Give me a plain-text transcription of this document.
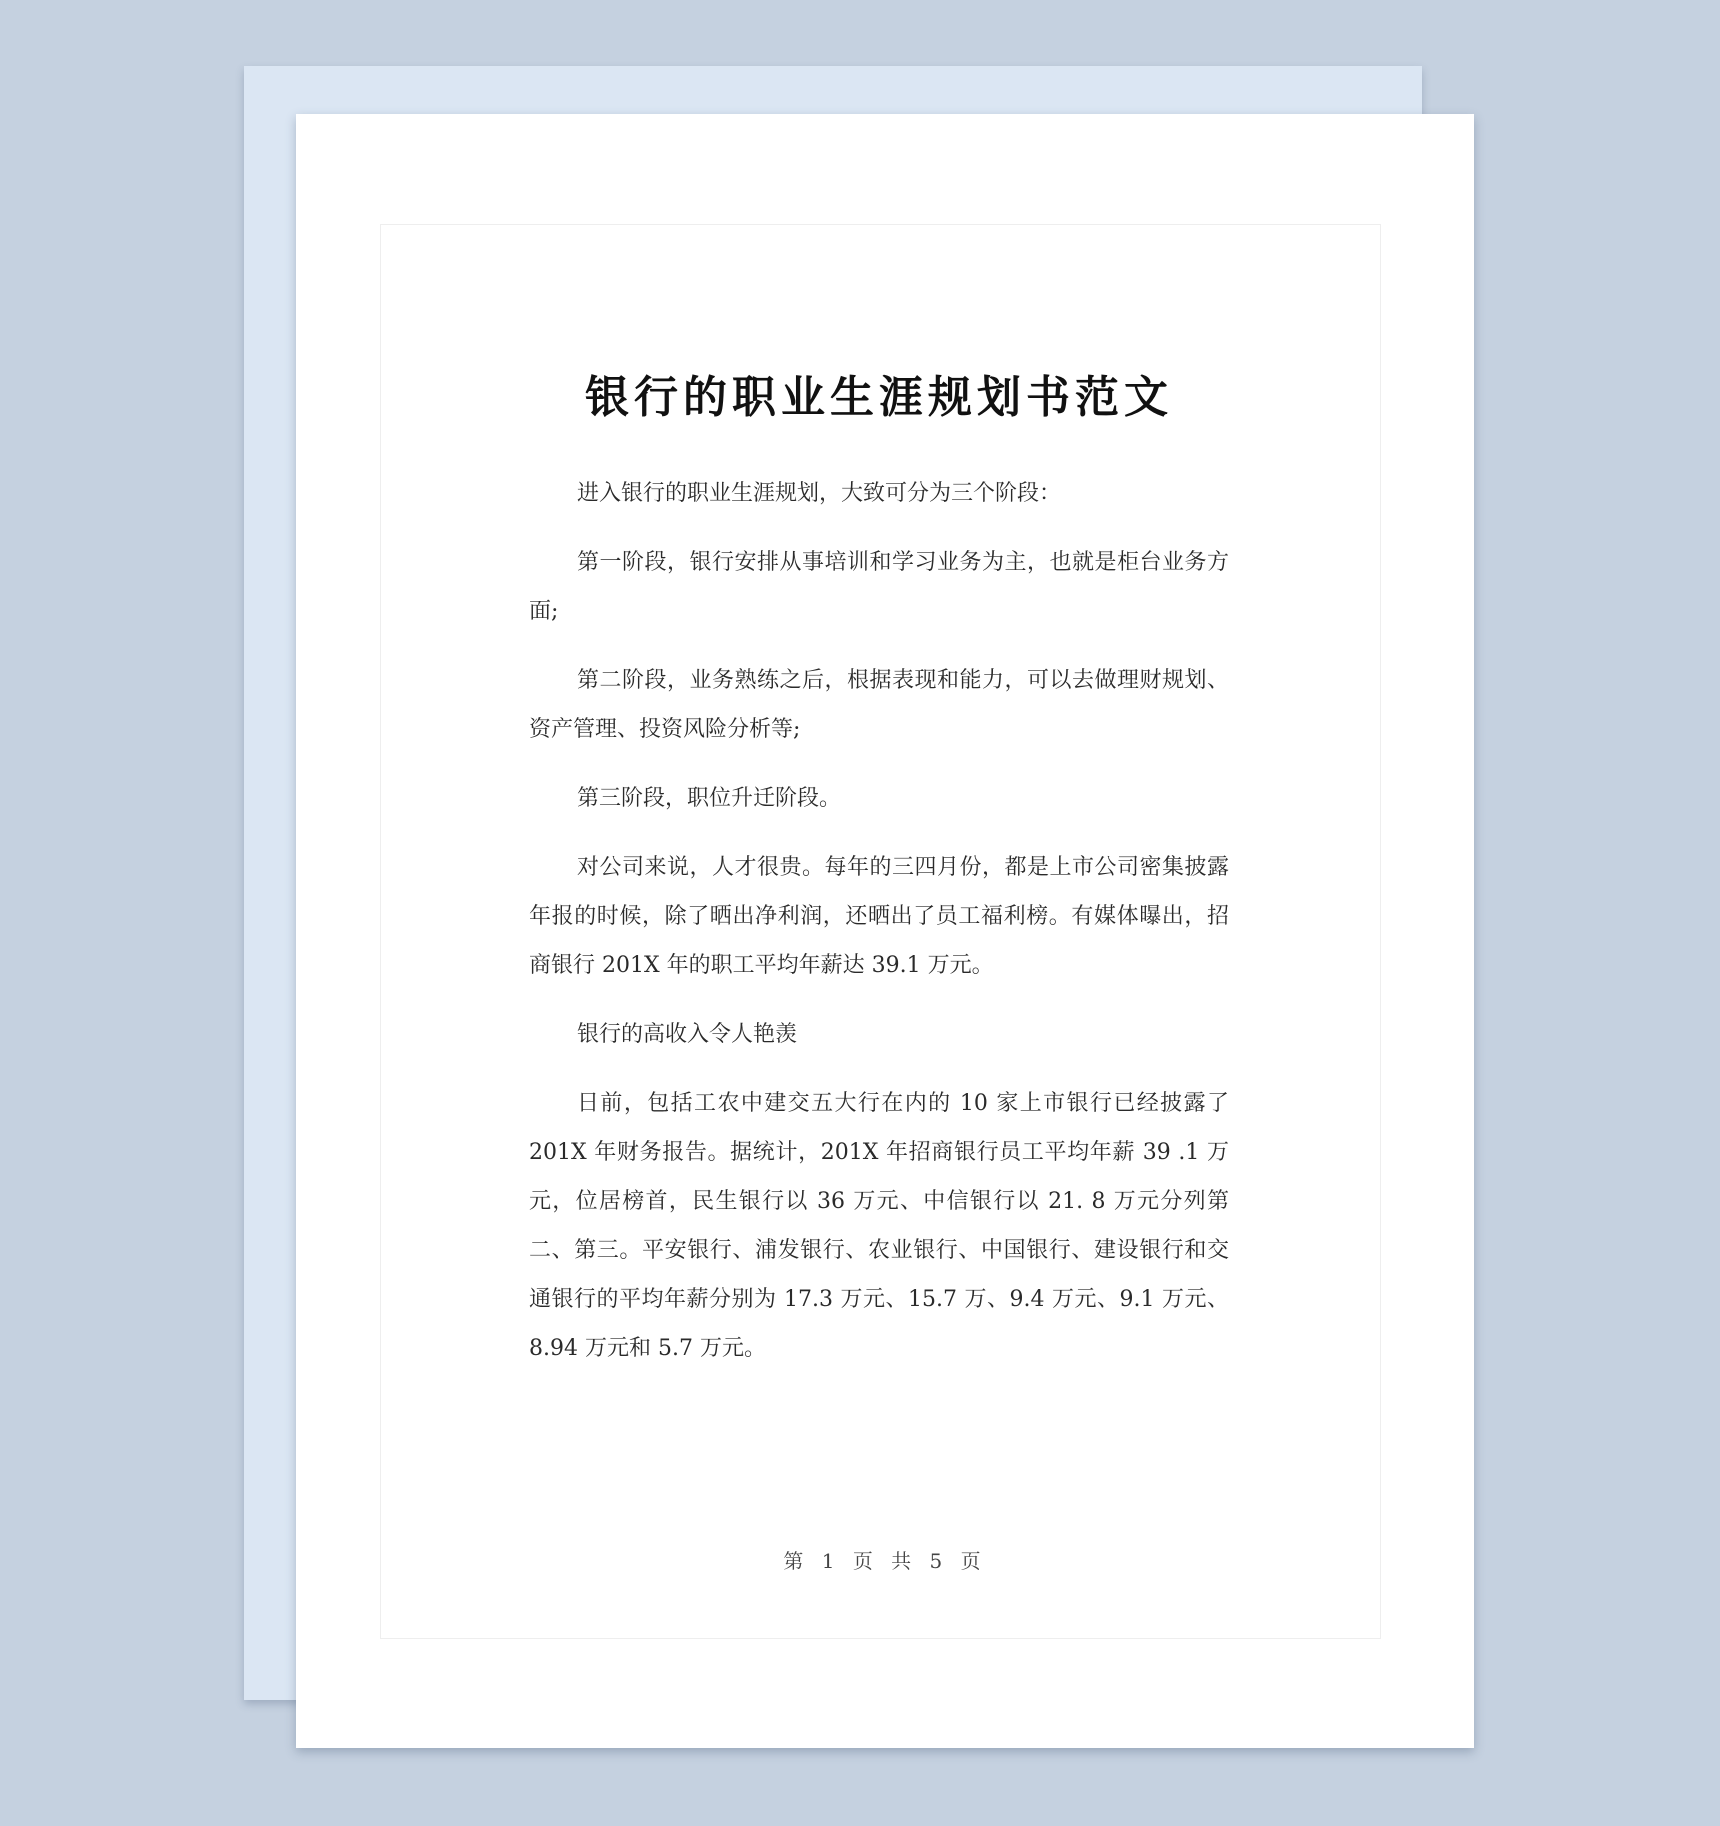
银行的职业生涯规划书范文

进入银行的职业生涯规划，大致可分为三个阶段：

第一阶段，银行安排从事培训和学习业务为主，也就是柜台业务方面;

第二阶段，业务熟练之后，根据表现和能力，可以去做理财规划、资产管理、投资风险分析等;

第三阶段，职位升迁阶段。

对公司来说，人才很贵。每年的三四月份，都是上市公司密集披露年报的时候，除了晒出净利润，还晒出了员工福利榜。有媒体曝出，招商银行 201X 年的职工平均年薪达 39.1 万元。

银行的高收入令人艳羡

日前，包括工农中建交五大行在内的 10 家上市银行已经披露了 201X 年财务报告。据统计，201X 年招商银行员工平均年薪 39 .1 万元，位居榜首，民生银行以 36 万元、中信银行以 21. 8 万元分列第二、第三。平安银行、浦发银行、农业银行、中国银行、建设银行和交通银行的平均年薪分别为 17.3 万元、15.7 万、9.4 万元、9.1 万元、8.94 万元和 5.7 万元。

第 1 页 共 5 页
